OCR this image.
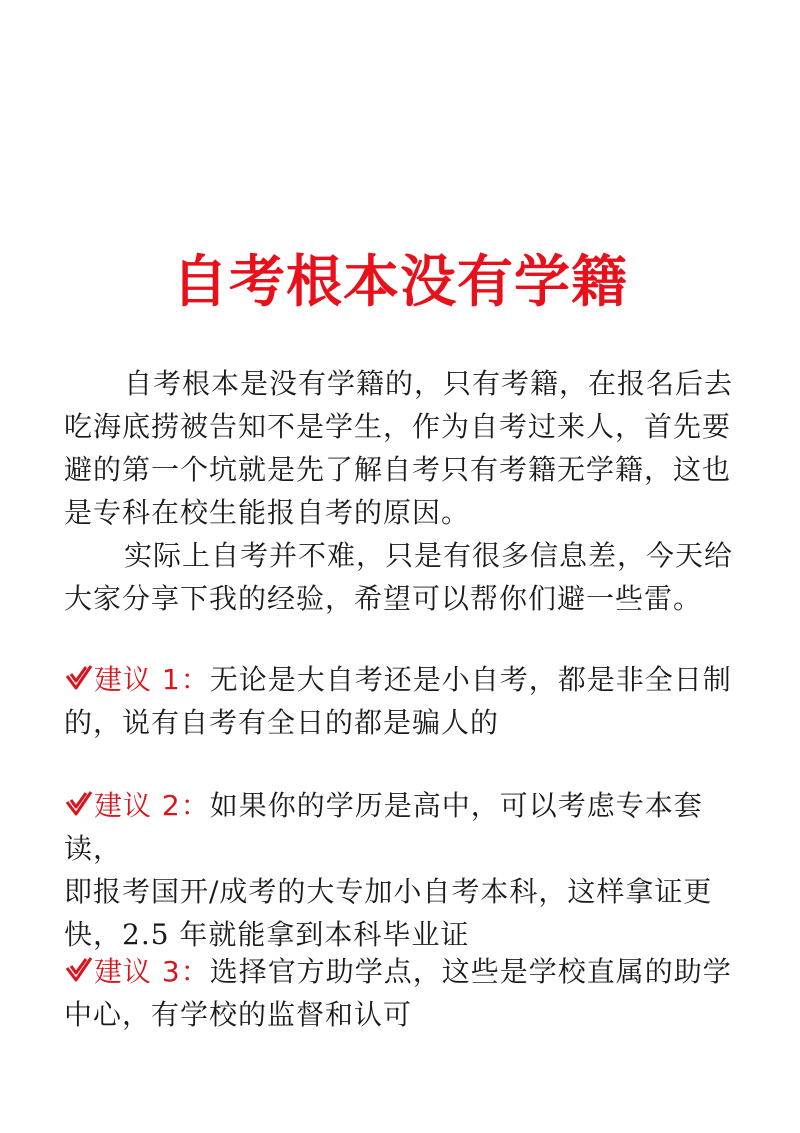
自考根本没有学籍
自考根本是没有学籍的，只有考籍，在报名后去
吃海底捞被告知不是学生，作为自考过来人，首先要
避的第一个坑就是先了解自考只有考籍无学籍，这也
是专科在校生能报自考的原因。
实际上自考并不难，只是有很多信息差，今天给
大家分享下我的经验，希望可以帮你们避一些雷。
建议 1：无论是大自考还是小自考，都是非全日制
的，说有自考有全日的都是骗人的
建议 2：如果你的学历是高中，可以考虑专本套读，
即报考国开/成考的大专加小自考本科，这样拿证更
快，2.5 年就能拿到本科毕业证
建议 3：选择官方助学点，这些是学校直属的助学
中心，有学校的监督和认可
